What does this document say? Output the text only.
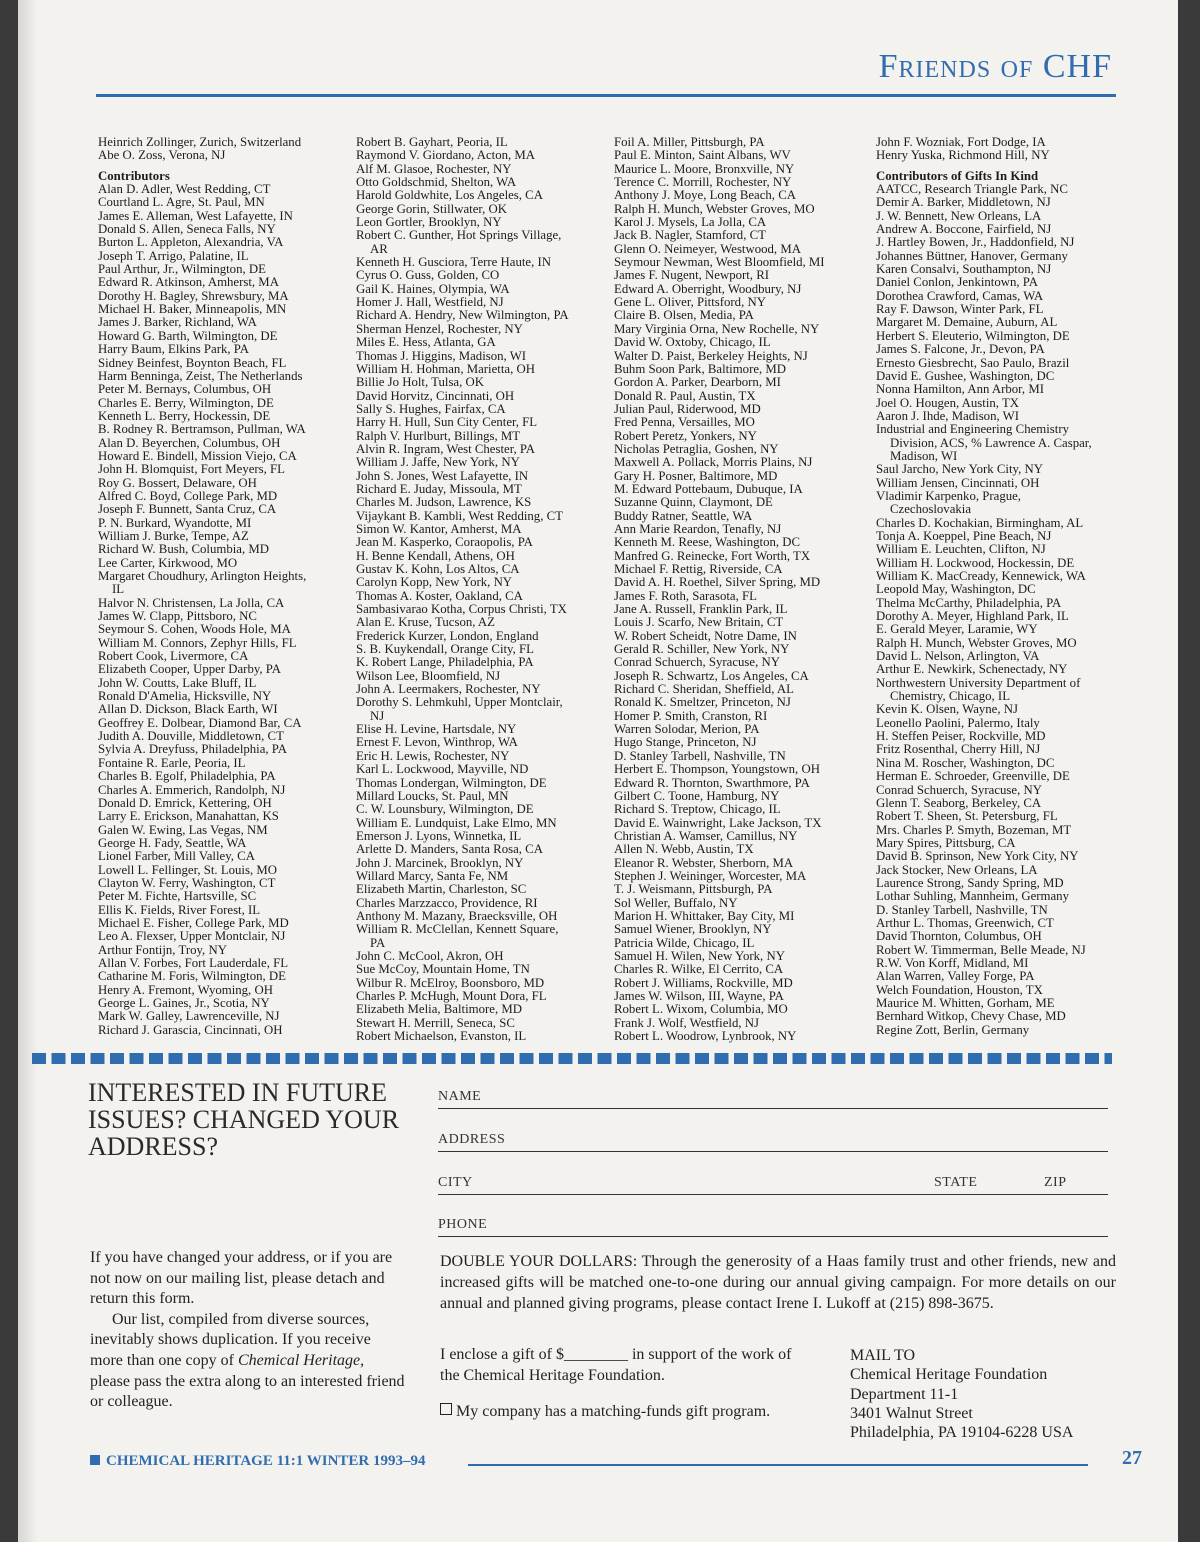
Friends of CHF
Heinrich Zollinger, Zurich, Switzerland
Abe O. Zoss, Verona, NJ
Contributors
Alan D. Adler, West Redding, CT
Courtland L. Agre, St. Paul, MN
James E. Alleman, West Lafayette, IN
Donald S. Allen, Seneca Falls, NY
Burton L. Appleton, Alexandria, VA
Joseph T. Arrigo, Palatine, IL
Paul Arthur, Jr., Wilmington, DE
Edward R. Atkinson, Amherst, MA
Dorothy H. Bagley, Shrewsbury, MA
Michael H. Baker, Minneapolis, MN
James J. Barker, Richland, WA
Howard G. Barth, Wilmington, DE
Harry Baum, Elkins Park, PA
Sidney Beinfest, Boynton Beach, FL
Harm Benninga, Zeist, The Netherlands
Peter M. Bernays, Columbus, OH
Charles E. Berry, Wilmington, DE
Kenneth L. Berry, Hockessin, DE
B. Rodney R. Bertramson, Pullman, WA
Alan D. Beyerchen, Columbus, OH
Howard E. Bindell, Mission Viejo, CA
John H. Blomquist, Fort Meyers, FL
Roy G. Bossert, Delaware, OH
Alfred C. Boyd, College Park, MD
Joseph F. Bunnett, Santa Cruz, CA
P. N. Burkard, Wyandotte, MI
William J. Burke, Tempe, AZ
Richard W. Bush, Columbia, MD
Lee Carter, Kirkwood, MO
Margaret Choudhury, Arlington Heights,
IL
Halvor N. Christensen, La Jolla, CA
James W. Clapp, Pittsboro, NC
Seymour S. Cohen, Woods Hole, MA
William M. Connors, Zephyr Hills, FL
Robert Cook, Livermore, CA
Elizabeth Cooper, Upper Darby, PA
John W. Coutts, Lake Bluff, IL
Ronald D'Amelia, Hicksville, NY
Allan D. Dickson, Black Earth, WI
Geoffrey E. Dolbear, Diamond Bar, CA
Judith A. Douville, Middletown, CT
Sylvia A. Dreyfuss, Philadelphia, PA
Fontaine R. Earle, Peoria, IL
Charles B. Egolf, Philadelphia, PA
Charles A. Emmerich, Randolph, NJ
Donald D. Emrick, Kettering, OH
Larry E. Erickson, Manahattan, KS
Galen W. Ewing, Las Vegas, NM
George H. Fady, Seattle, WA
Lionel Farber, Mill Valley, CA
Lowell L. Fellinger, St. Louis, MO
Clayton W. Ferry, Washington, CT
Peter M. Fichte, Hartsville, SC
Ellis K. Fields, River Forest, IL
Michael E. Fisher, College Park, MD
Leo A. Flexser, Upper Montclair, NJ
Arthur Fontijn, Troy, NY
Allan V. Forbes, Fort Lauderdale, FL
Catharine M. Foris, Wilmington, DE
Henry A. Fremont, Wyoming, OH
George L. Gaines, Jr., Scotia, NY
Mark W. Galley, Lawrenceville, NJ
Richard J. Garascia, Cincinnati, OH
Robert B. Gayhart, Peoria, IL
Raymond V. Giordano, Acton, MA
Alf M. Glasoe, Rochester, NY
Otto Goldschmid, Shelton, WA
Harold Goldwhite, Los Angeles, CA
George Gorin, Stillwater, OK
Leon Gortler, Brooklyn, NY
Robert C. Gunther, Hot Springs Village,
AR
Kenneth H. Gusciora, Terre Haute, IN
Cyrus O. Guss, Golden, CO
Gail K. Haines, Olympia, WA
Homer J. Hall, Westfield, NJ
Richard A. Hendry, New Wilmington, PA
Sherman Henzel, Rochester, NY
Miles E. Hess, Atlanta, GA
Thomas J. Higgins, Madison, WI
William H. Hohman, Marietta, OH
Billie Jo Holt, Tulsa, OK
David Horvitz, Cincinnati, OH
Sally S. Hughes, Fairfax, CA
Harry H. Hull, Sun City Center, FL
Ralph V. Hurlburt, Billings, MT
Alvin R. Ingram, West Chester, PA
William J. Jaffe, New York, NY
John S. Jones, West Lafayette, IN
Richard E. Juday, Missoula, MT
Charles M. Judson, Lawrence, KS
Vijaykant B. Kambli, West Redding, CT
Simon W. Kantor, Amherst, MA
Jean M. Kasperko, Coraopolis, PA
H. Benne Kendall, Athens, OH
Gustav K. Kohn, Los Altos, CA
Carolyn Kopp, New York, NY
Thomas A. Koster, Oakland, CA
Sambasivarao Kotha, Corpus Christi, TX
Alan E. Kruse, Tucson, AZ
Frederick Kurzer, London, England
S. B. Kuykendall, Orange City, FL
K. Robert Lange, Philadelphia, PA
Wilson Lee, Bloomfield, NJ
John A. Leermakers, Rochester, NY
Dorothy S. Lehmkuhl, Upper Montclair,
NJ
Elise H. Levine, Hartsdale, NY
Ernest F. Levon, Winthrop, WA
Eric H. Lewis, Rochester, NY
Karl L. Lockwood, Mayville, ND
Thomas Londergan, Wilmington, DE
Millard Loucks, St. Paul, MN
C. W. Lounsbury, Wilmington, DE
William E. Lundquist, Lake Elmo, MN
Emerson J. Lyons, Winnetka, IL
Arlette D. Manders, Santa Rosa, CA
John J. Marcinek, Brooklyn, NY
Willard Marcy, Santa Fe, NM
Elizabeth Martin, Charleston, SC
Charles Marzzacco, Providence, RI
Anthony M. Mazany, Braecksville, OH
William R. McClellan, Kennett Square,
PA
John C. McCool, Akron, OH
Sue McCoy, Mountain Home, TN
Wilbur R. McElroy, Boonsboro, MD
Charles P. McHugh, Mount Dora, FL
Elizabeth Melia, Baltimore, MD
Stewart H. Merrill, Seneca, SC
Robert Michaelson, Evanston, IL
Foil A. Miller, Pittsburgh, PA
Paul E. Minton, Saint Albans, WV
Maurice L. Moore, Bronxville, NY
Terence C. Morrill, Rochester, NY
Anthony J. Moye, Long Beach, CA
Ralph H. Munch, Webster Groves, MO
Karol J. Mysels, La Jolla, CA
Jack B. Nagler, Stamford, CT
Glenn O. Neimeyer, Westwood, MA
Seymour Newman, West Bloomfield, MI
James F. Nugent, Newport, RI
Edward A. Oberright, Woodbury, NJ
Gene L. Oliver, Pittsford, NY
Claire B. Olsen, Media, PA
Mary Virginia Orna, New Rochelle, NY
David W. Oxtoby, Chicago, IL
Walter D. Paist, Berkeley Heights, NJ
Buhm Soon Park, Baltimore, MD
Gordon A. Parker, Dearborn, MI
Donald R. Paul, Austin, TX
Julian Paul, Riderwood, MD
Fred Penna, Versailles, MO
Robert Peretz, Yonkers, NY
Nicholas Petraglia, Goshen, NY
Maxwell A. Pollack, Morris Plains, NJ
Gary H. Posner, Baltimore, MD
M. Edward Pottebaum, Dubuque, IA
Suzanne Quinn, Claymont, DE
Buddy Ratner, Seattle, WA
Ann Marie Reardon, Tenafly, NJ
Kenneth M. Reese, Washington, DC
Manfred G. Reinecke, Fort Worth, TX
Michael F. Rettig, Riverside, CA
David A. H. Roethel, Silver Spring, MD
James F. Roth, Sarasota, FL
Jane A. Russell, Franklin Park, IL
Louis J. Scarfo, New Britain, CT
W. Robert Scheidt, Notre Dame, IN
Gerald R. Schiller, New York, NY
Conrad Schuerch, Syracuse, NY
Joseph R. Schwartz, Los Angeles, CA
Richard C. Sheridan, Sheffield, AL
Ronald K. Smeltzer, Princeton, NJ
Homer P. Smith, Cranston, RI
Warren Solodar, Merion, PA
Hugo Stange, Princeton, NJ
D. Stanley Tarbell, Nashville, TN
Herbert E. Thompson, Youngstown, OH
Edward R. Thornton, Swarthmore, PA
Gilbert C. Toone, Hamburg, NY
Richard S. Treptow, Chicago, IL
David E. Wainwright, Lake Jackson, TX
Christian A. Wamser, Camillus, NY
Allen N. Webb, Austin, TX
Eleanor R. Webster, Sherborn, MA
Stephen J. Weininger, Worcester, MA
T. J. Weismann, Pittsburgh, PA
Sol Weller, Buffalo, NY
Marion H. Whittaker, Bay City, MI
Samuel Wiener, Brooklyn, NY
Patricia Wilde, Chicago, IL
Samuel H. Wilen, New York, NY
Charles R. Wilke, El Cerrito, CA
Robert J. Williams, Rockville, MD
James W. Wilson, III, Wayne, PA
Robert L. Wixom, Columbia, MO
Frank J. Wolf, Westfield, NJ
Robert L. Woodrow, Lynbrook, NY
John F. Wozniak, Fort Dodge, IA
Henry Yuska, Richmond Hill, NY
Contributors of Gifts In Kind
AATCC, Research Triangle Park, NC
Demir A. Barker, Middletown, NJ
J. W. Bennett, New Orleans, LA
Andrew A. Boccone, Fairfield, NJ
J. Hartley Bowen, Jr., Haddonfield, NJ
Johannes Büttner, Hanover, Germany
Karen Consalvi, Southampton, NJ
Daniel Conlon, Jenkintown, PA
Dorothea Crawford, Camas, WA
Ray F. Dawson, Winter Park, FL
Margaret M. Demaine, Auburn, AL
Herbert S. Eleuterio, Wilmington, DE
James S. Falcone, Jr., Devon, PA
Ernesto Giesbrecht, Sao Paulo, Brazil
David E. Gushee, Washington, DC
Nonna Hamilton, Ann Arbor, MI
Joel O. Hougen, Austin, TX
Aaron J. Ihde, Madison, WI
Industrial and Engineering Chemistry
Division, ACS, % Lawrence A. Caspar,
Madison, WI
Saul Jarcho, New York City, NY
William Jensen, Cincinnati, OH
Vladimir Karpenko, Prague,
Czechoslovakia
Charles D. Kochakian, Birmingham, AL
Tonja A. Koeppel, Pine Beach, NJ
William E. Leuchten, Clifton, NJ
William H. Lockwood, Hockessin, DE
William K. MacCready, Kennewick, WA
Leopold May, Washington, DC
Thelma McCarthy, Philadelphia, PA
Dorothy A. Meyer, Highland Park, IL
E. Gerald Meyer, Laramie, WY
Ralph H. Munch, Webster Groves, MO
David L. Nelson, Arlington, VA
Arthur E. Newkirk, Schenectady, NY
Northwestern University Department of
Chemistry, Chicago, IL
Kevin K. Olsen, Wayne, NJ
Leonello Paolini, Palermo, Italy
H. Steffen Peiser, Rockville, MD
Fritz Rosenthal, Cherry Hill, NJ
Nina M. Roscher, Washington, DC
Herman E. Schroeder, Greenville, DE
Conrad Schuerch, Syracuse, NY
Glenn T. Seaborg, Berkeley, CA
Robert T. Sheen, St. Petersburg, FL
Mrs. Charles P. Smyth, Bozeman, MT
Mary Spires, Pittsburg, CA
David B. Sprinson, New York City, NY
Jack Stocker, New Orleans, LA
Laurence Strong, Sandy Spring, MD
Lothar Suhling, Mannheim, Germany
D. Stanley Tarbell, Nashville, TN
Arthur L. Thomas, Greenwich, CT
David Thornton, Columbus, OH
Robert W. Timmerman, Belle Meade, NJ
R.W. Von Korff, Midland, MI
Alan Warren, Valley Forge, PA
Welch Foundation, Houston, TX
Maurice M. Whitten, Gorham, ME
Bernhard Witkop, Chevy Chase, MD
Regine Zott, Berlin, Germany
INTERESTED IN FUTURE ISSUES? CHANGED YOUR ADDRESS?
NAME
ADDRESS
CITY	STATE	ZIP
PHONE

If you have changed your address, or if you are not now on our mailing list, please detach and return this form.

Our list, compiled from diverse sources, inevitably shows duplication. If you receive more than one copy of Chemical Heritage, please pass the extra along to an interested friend or colleague.

DOUBLE YOUR DOLLARS: Through the generosity of a Haas family trust and other friends, new and increased gifts will be matched one-to-one during our annual giving campaign. For more details on our annual and planned giving programs, please contact Irene I. Lukoff at (215) 898-3675.
I enclose a gift of $________ in support of the work of the Chemical Heritage Foundation.
My company has a matching-funds gift program.
MAIL TO
Chemical Heritage Foundation
Department 11-1
3401 Walnut Street
Philadelphia, PA 19104-6228 USA
CHEMICAL HERITAGE 11:1 WINTER 1993–94	27
